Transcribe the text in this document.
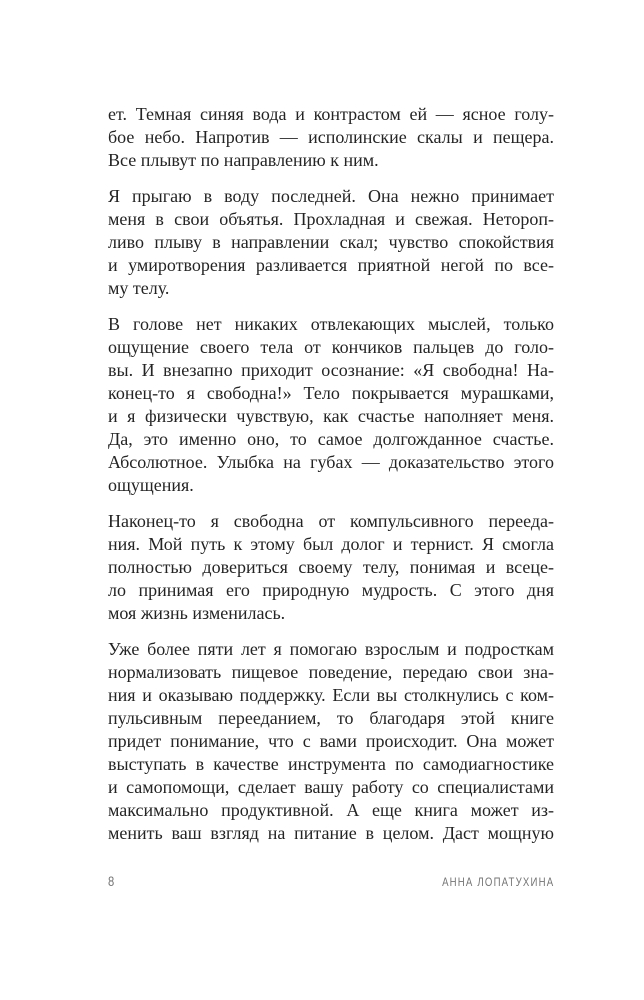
ет. Темная синяя вода и контрастом ей — ясное голу-
бое небо. Напротив — исполинские скалы и пещера.
Все плывут по направлению к ним.
Я прыгаю в воду последней. Она нежно принимает
меня в свои объятья. Прохладная и свежая. Нетороп-
ливо плыву в направлении скал; чувство спокойствия
и умиротворения разливается приятной негой по все-
му телу.
В голове нет никаких отвлекающих мыслей, только
ощущение своего тела от кончиков пальцев до голо-
вы. И внезапно приходит осознание: «Я свободна! На-
конец-то я свободна!» Тело покрывается мурашками,
и я физически чувствую, как счастье наполняет меня.
Да, это именно оно, то самое долгожданное счастье.
Абсолютное. Улыбка на губах — доказательство этого
ощущения.
Наконец-то я свободна от компульсивного перееда-
ния. Мой путь к этому был долог и тернист. Я смогла
полностью довериться своему телу, понимая и всеце-
ло принимая его природную мудрость. С этого дня
моя жизнь изменилась.
Уже более пяти лет я помогаю взрослым и подросткам
нормализовать пищевое поведение, передаю свои зна-
ния и оказываю поддержку. Если вы столкнулись с ком-
пульсивным перееданием, то благодаря этой книге
придет понимание, что с вами происходит. Она может
выступать в качестве инструмента по самодиагностике
и самопомощи, сделает вашу работу со специалистами
максимально продуктивной. А еще книга может из-
менить ваш взгляд на питание в целом. Даст мощную
8	АННА ЛОПАТУХИНА
